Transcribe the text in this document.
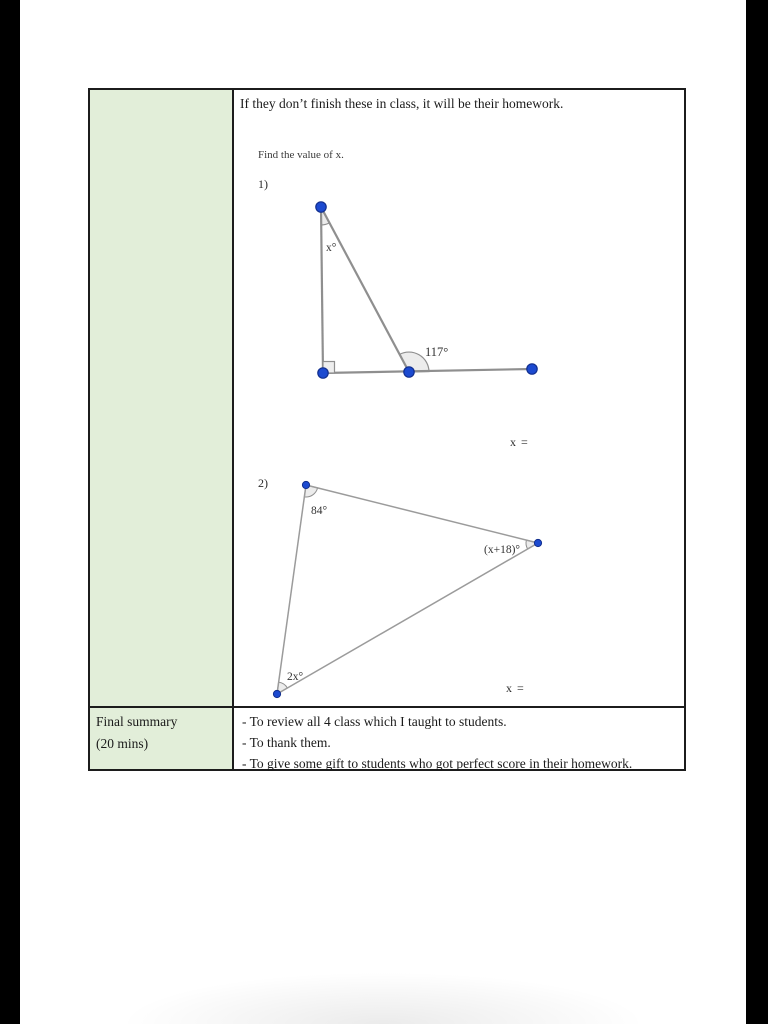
If they don’t finish these in class, it will be their homework.
Find the value of x.
1)
x°
117°
x =
2)
84°
(x+18)°
2x°
x =
Final summary
(20 mins)
- To review all 4 class which I taught to students.
- To thank them.
- To give some gift to students who got perfect score in their homework.
